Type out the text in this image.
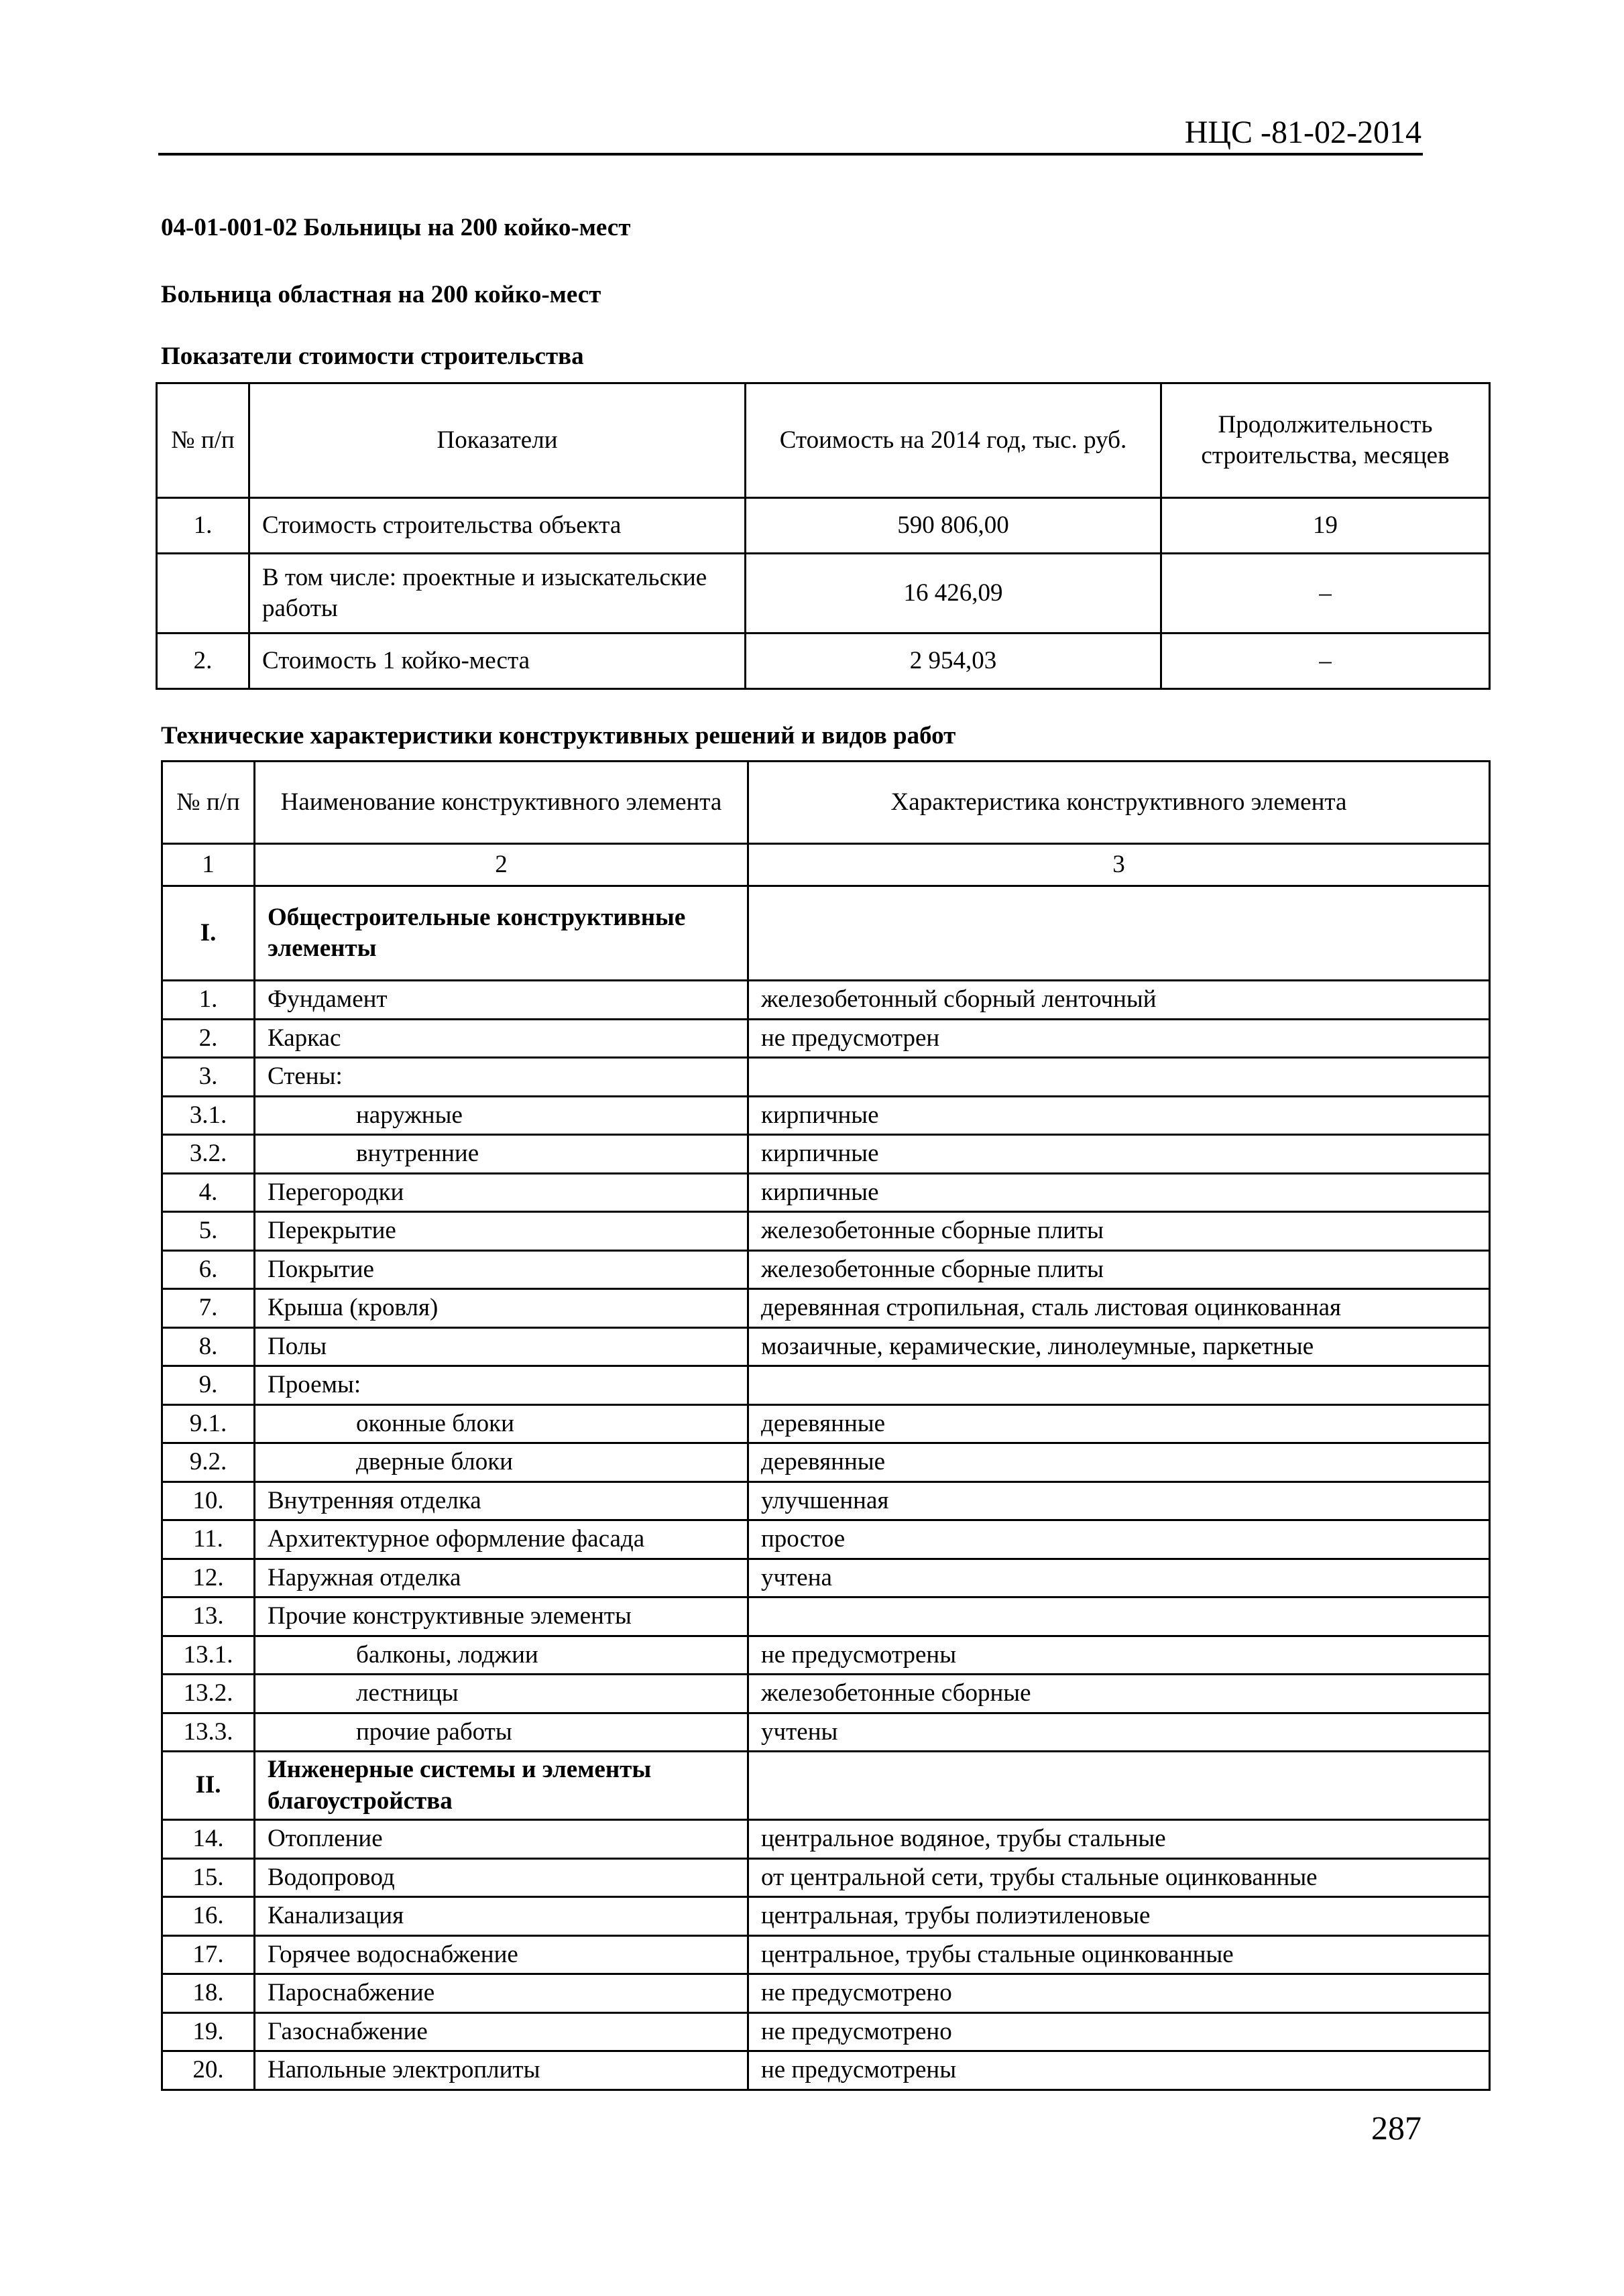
НЦС -81-02-2014
04-01-001-02 Больницы на 200 койко-мест
Больница областная на 200 койко-мест
Показатели стоимости строительства
№ п/п	Показатели	Стоимость на 2014 год, тыс. руб.	Продолжительность строительства, месяцев
1.	Стоимость строительства объекта	590 806,00	19
	В том числе: проектные и изыскательские работы	16 426,09	–
2.	Стоимость 1 койко-места	2 954,03	–
Технические характеристики конструктивных решений и видов работ
№ п/п	Наименование конструктивного элемента	Характеристика конструктивного элемента
1	2	3
I.	Общестроительные конструктивные элементы	
1.	Фундамент	железобетонный сборный ленточный
2.	Каркас	не предусмотрен
3.	Стены:	
3.1.	наружные	кирпичные
3.2.	внутренние	кирпичные
4.	Перегородки	кирпичные
5.	Перекрытие	железобетонные сборные плиты
6.	Покрытие	железобетонные сборные плиты
7.	Крыша (кровля)	деревянная стропильная, сталь листовая оцинкованная
8.	Полы	мозаичные, керамические, линолеумные, паркетные
9.	Проемы:	
9.1.	оконные блоки	деревянные
9.2.	дверные блоки	деревянные
10.	Внутренняя отделка	улучшенная
11.	Архитектурное оформление фасада	простое
12.	Наружная отделка	учтена
13.	Прочие конструктивные элементы	
13.1.	балконы, лоджии	не предусмотрены
13.2.	лестницы	железобетонные сборные
13.3.	прочие работы	учтены
II.	Инженерные системы и элементы благоустройства	
14.	Отопление	центральное водяное, трубы стальные
15.	Водопровод	от центральной сети, трубы стальные оцинкованные
16.	Канализация	центральная, трубы полиэтиленовые
17.	Горячее водоснабжение	центральное, трубы стальные оцинкованные
18.	Пароснабжение	не предусмотрено
19.	Газоснабжение	не предусмотрено
20.	Напольные электроплиты	не предусмотрены
287
